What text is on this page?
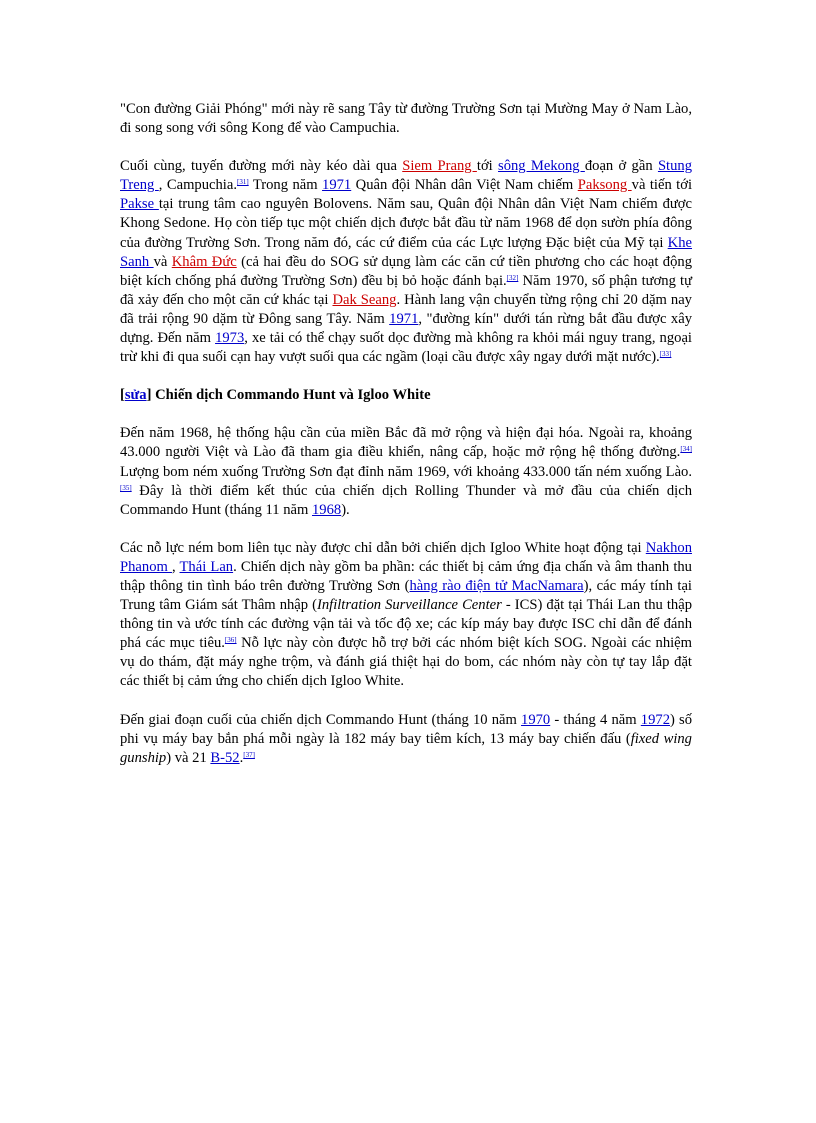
"Con đường Giải Phóng" mới này rẽ sang Tây từ đường Trường Sơn tại Mường May ở Nam Lào, đi song song với sông Kong để vào Campuchia.

Cuối cùng, tuyến đường mới này kéo dài qua Siem Prang tới sông Mekong đoạn ở gần Stung Treng , Campuchia.[31] Trong năm 1971 Quân đội Nhân dân Việt Nam chiếm Paksong và tiến tới Pakse tại trung tâm cao nguyên Bolovens. Năm sau, Quân đội Nhân dân Việt Nam chiếm được Khong Sedone. Họ còn tiếp tục một chiến dịch được bắt đầu từ năm 1968 để dọn sườn phía đông của đường Trường Sơn. Trong năm đó, các cứ điểm của các Lực lượng Đặc biệt của Mỹ tại Khe Sanh và Khâm Đức (cả hai đều do SOG sử dụng làm các căn cứ tiền phương cho các hoạt động biệt kích chống phá đường Trường Sơn) đều bị bỏ hoặc đánh bại.[32] Năm 1970, số phận tương tự đã xảy đến cho một căn cứ khác tại Dak Seang. Hành lang vận chuyển từng rộng chỉ 20 dặm nay đã trải rộng 90 dặm từ Đông sang Tây. Năm 1971, "đường kín" dưới tán rừng bắt đầu được xây dựng. Đến năm 1973, xe tải có thể chạy suốt dọc đường mà không ra khỏi mái nguy trang, ngoại trừ khi đi qua suối cạn hay vượt suối qua các ngầm (loại cầu được xây ngay dưới mặt nước).[33]

[sửa] Chiến dịch Commando Hunt và Igloo White

Đến năm 1968, hệ thống hậu cần của miền Bắc đã mở rộng và hiện đại hóa. Ngoài ra, khoảng 43.000 người Việt và Lào đã tham gia điều khiển, nâng cấp, hoặc mở rộng hệ thống đường.[34] Lượng bom ném xuống Trường Sơn đạt đỉnh năm 1969, với khoảng 433.000 tấn ném xuống Lào.[35] Đây là thời điểm kết thúc của chiến dịch Rolling Thunder và mở đầu của chiến dịch Commando Hunt (tháng 11 năm 1968).

Các nỗ lực ném bom liên tục này được chỉ dẫn bởi chiến dịch Igloo White hoạt động tại Nakhon Phanom , Thái Lan. Chiến dịch này gồm ba phần: các thiết bị cảm ứng địa chấn và âm thanh thu thập thông tin tình báo trên đường Trường Sơn (hàng rào điện tử MacNamara), các máy tính tại Trung tâm Giám sát Thâm nhập (Infiltration Surveillance Center - ICS) đặt tại Thái Lan thu thập thông tin và ước tính các đường vận tải và tốc độ xe; các kíp máy bay được ISC chỉ dẫn để đánh phá các mục tiêu.[36] Nỗ lực này còn được hỗ trợ bởi các nhóm biệt kích SOG. Ngoài các nhiệm vụ do thám, đặt máy nghe trộm, và đánh giá thiệt hại do bom, các nhóm này còn tự tay lắp đặt các thiết bị cảm ứng cho chiến dịch Igloo White.

Đến giai đoạn cuối của chiến dịch Commando Hunt (tháng 10 năm 1970 - tháng 4 năm 1972) số phi vụ máy bay bắn phá mỗi ngày là 182 máy bay tiêm kích, 13 máy bay chiến đấu (fixed wing gunship) và 21 B-52.[37]
